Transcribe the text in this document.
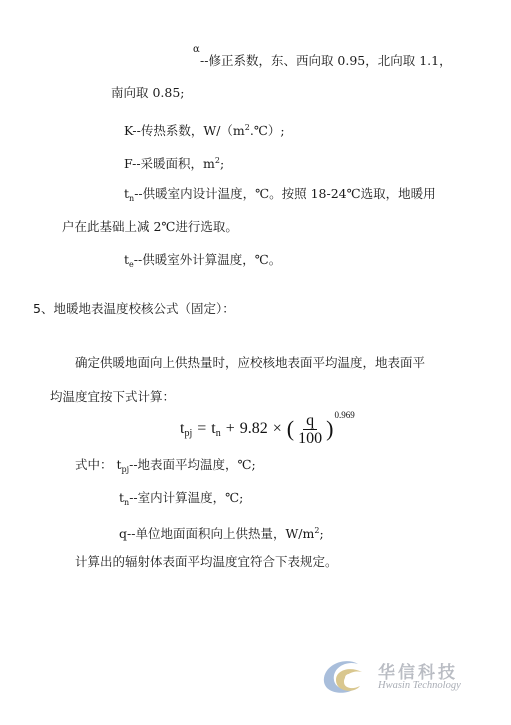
α
--修正系数，东、西向取 0.95，北向取 1.1，
南向取 0.85;
K--传热系数，$W/(m^2.℃)$;
F--采暖面积，$m^2$;
$t_n--$供暖室内设计温度，℃。按照 18-24℃选取，地暖用
户在此基础上减 2℃进行选取。
$t_e--$供暖室外计算温度，℃。
5、地暖地表温度校核公式（固定）：
确定供暖地面向上供热量时，应校核地表面平均温度，地表面平
均温度宜按下式计算：
t pj = t n + 9.82 × ( $\frac{q}{100}$ )
0.969
式中： $t_{pj}--$地表面平均温度，℃;
$t_n--$室内计算温度，℃;
q--单位地面面积向上供热量，$W/m^2$;
计算出的辐射体表面平均温度宜符合下表规定。
华信科技
Hwasin Technology
